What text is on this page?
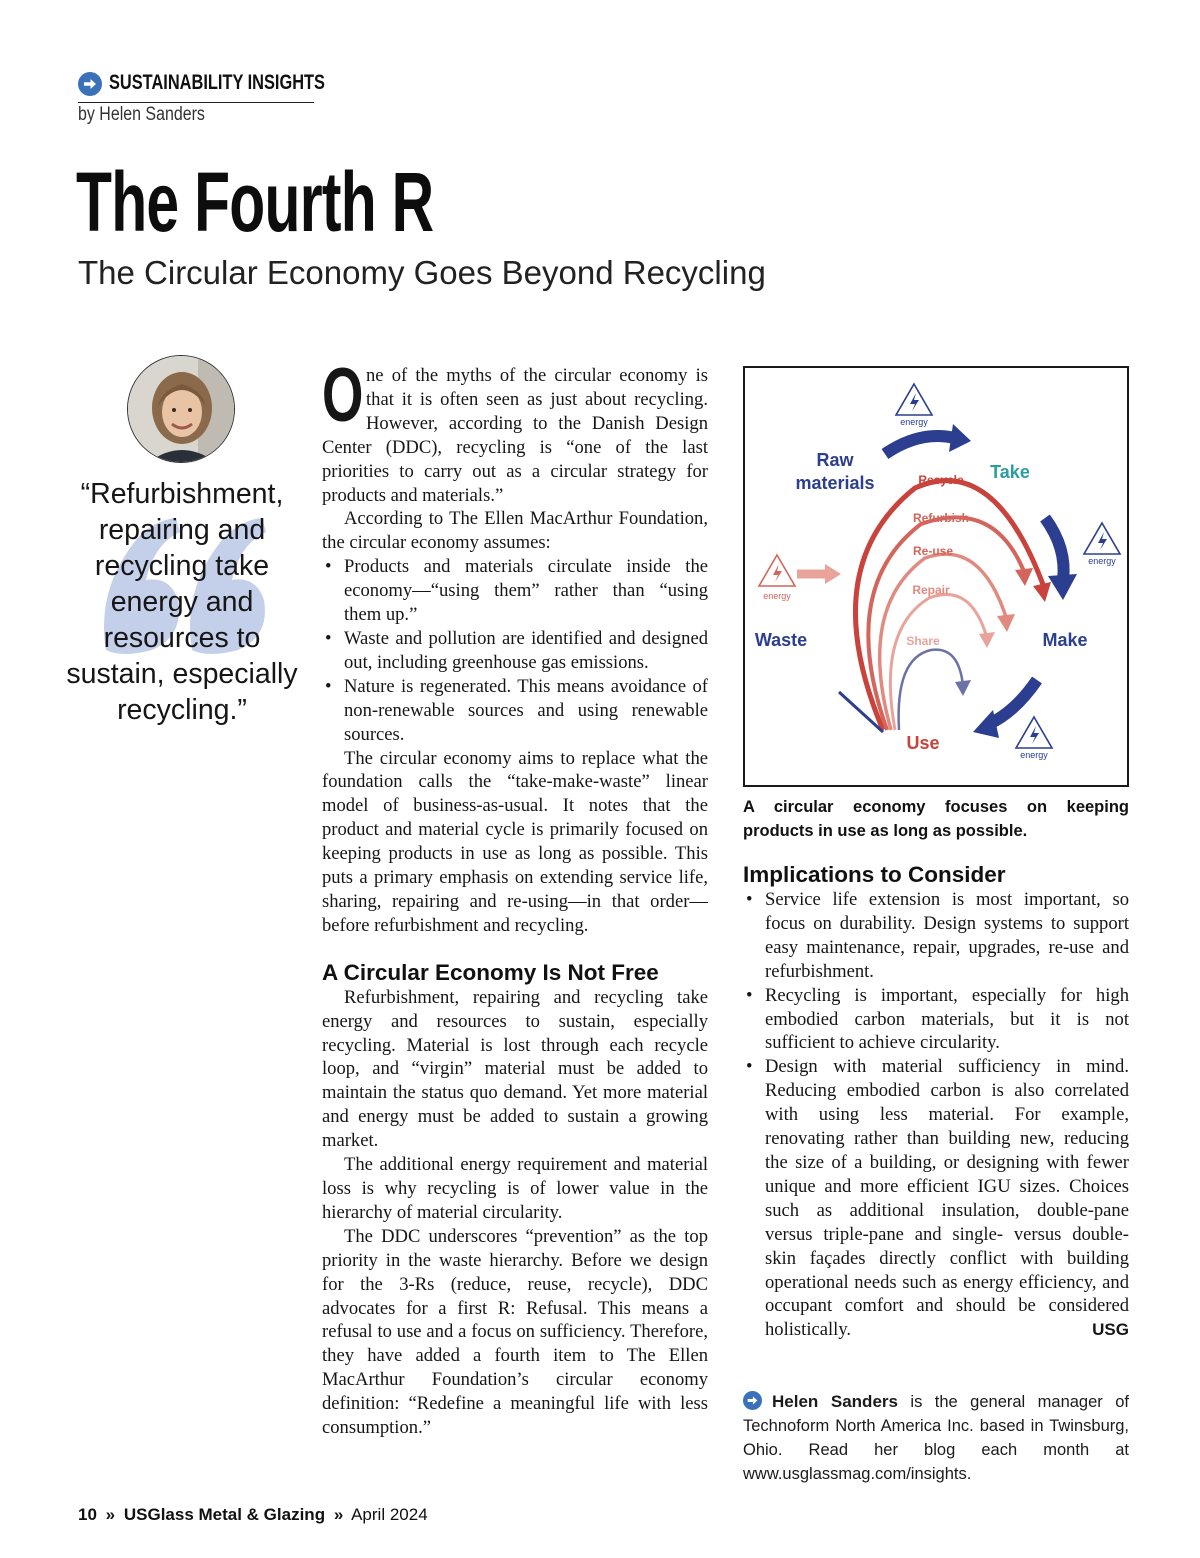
SUSTAINABILITY INSIGHTS
by Helen Sanders
The Fourth R
The Circular Economy Goes Beyond Recycling
“Refurbishment, repairing and recycling take energy and resources to sustain, especially recycling.”

One of the myths of the circular economy is that it is often seen as just about recycling. However, according to the Danish Design Center (DDC), recycling is “one of the last priorities to carry out as a circular strategy for products and materials.”

According to The Ellen MacArthur Foundation, the circular economy assumes:

• Products and materials circulate inside the economy—“using them” rather than “using them up.”
• Waste and pollution are identified and designed out, including greenhouse gas emissions.
• Nature is regenerated. This means avoidance of non-renewable sources and using renewable sources.

The circular economy aims to replace what the foundation calls the “take-make-waste” linear model of business-as-usual. It notes that the product and material cycle is primarily focused on keeping products in use as long as possible. This puts a primary emphasis on extending service life, sharing, repairing and re-using—in that order—before refurbishment and recycling.

A Circular Economy Is Not Free

Refurbishment, repairing and recycling take energy and resources to sustain, especially recycling. Material is lost through each recycle loop, and “virgin” material must be added to maintain the status quo demand. Yet more material and energy must be added to sustain a growing market.

The additional energy requirement and material loss is why recycling is of lower value in the hierarchy of material circularity.

The DDC underscores “prevention” as the top priority in the waste hierarchy. Before we design for the 3-Rs (reduce, reuse, recycle), DDC advocates for a first R: Refusal. This means a refusal to use and a focus on sufficiency. Therefore, they have added a fourth item to The Ellen MacArthur Foundation’s circular economy definition: “Redefine a meaningful life with less consumption.”

energy
energy
energy
energy
Raw
materials
Take
Make
Use
Waste
Recycle
Refurbish
Re-use
Repair
Share
A circular economy focuses on keeping products in use as long as possible.
Implications to Consider
• Service life extension is most important, so focus on durability. Design systems to support easy maintenance, repair, upgrades, re-use and refurbishment.
• Recycling is important, especially for high embodied carbon materials, but it is not sufficient to achieve circularity.
• Design with material sufficiency in mind. Reducing embodied carbon is also correlated with using less material. For example, renovating rather than building new, reducing the size of a building, or designing with fewer unique and more efficient IGU sizes. Choices such as additional insulation, double-pane versus triple-pane and single- versus double-skin façades directly conflict with building operational needs such as energy efficiency, and occupant comfort and should be considered holistically.	USG
Helen Sanders is the general manager of Technoform North America Inc. based in Twinsburg, Ohio. Read her blog each month at www.usglassmag.com/insights.
10 » USGlass Metal & Glazing » April 2024
